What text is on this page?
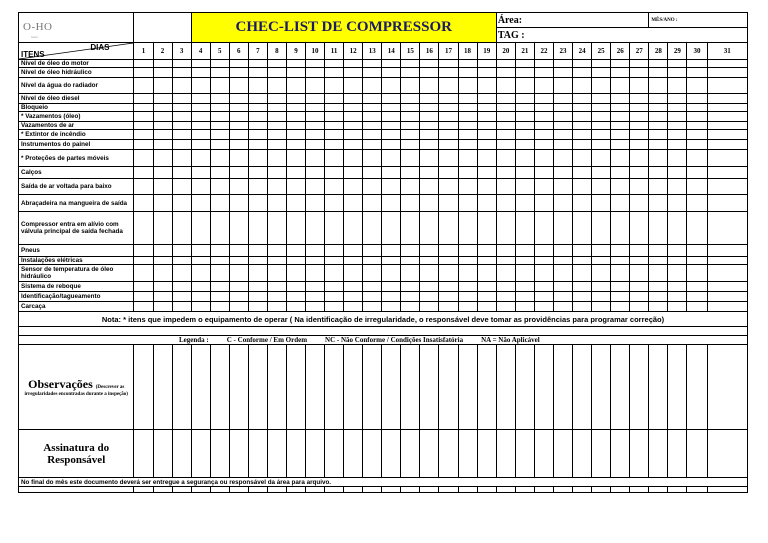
O-HO
hotel				CHEC-LIST DE COMPRESSOR																Área:								MÊS/ANO :			
																				TAG :											

DIAS
ITENS	1	2	3	4	5	6	7	8	9	10	11	12	13	14	15	16	17	18	19	20	21	22	23	24	25	26	27	28	29	30	31
Nível de óleo do motor																															
Nível de óleo hidráulico																															
Nível da água do radiador																															
Nível de óleo diesel																															
Bloqueio																															
* Vazamentos (óleo)																															
Vazamentos de ar																															
* Extintor de incêndio																															
Instrumentos do painel																															
* Proteções de partes móveis																															
Calços																															
Saída de ar voltada para baixo																															
Abraçadeira na mangueira de saída																															
Compressor entra em alívio com válvula principal de saída fechada																															
Pneus																															
Instalações elétricas																															
Sensor de temperatura de óleo hidráulico																															
Sistema de reboque																															
Identificação/tagueamento																															
Carcaça																															
Nota: * itens que impedem o equipamento de operar ( Na identificação de irregularidade, o responsável deve tomar as providências para programar correção)																															

Legenda : C - Conforme / Em Ordem NC - Não Conforme / Condições Insatisfatória NA = Não Aplicável																															

Observações (Descrever as
irregularidades encontradas durante a inspeção)																															

Assinatura do Responsável																															
No final do mês este documento deverá ser entregue a segurança ou responsável da área para arquivo.																															
